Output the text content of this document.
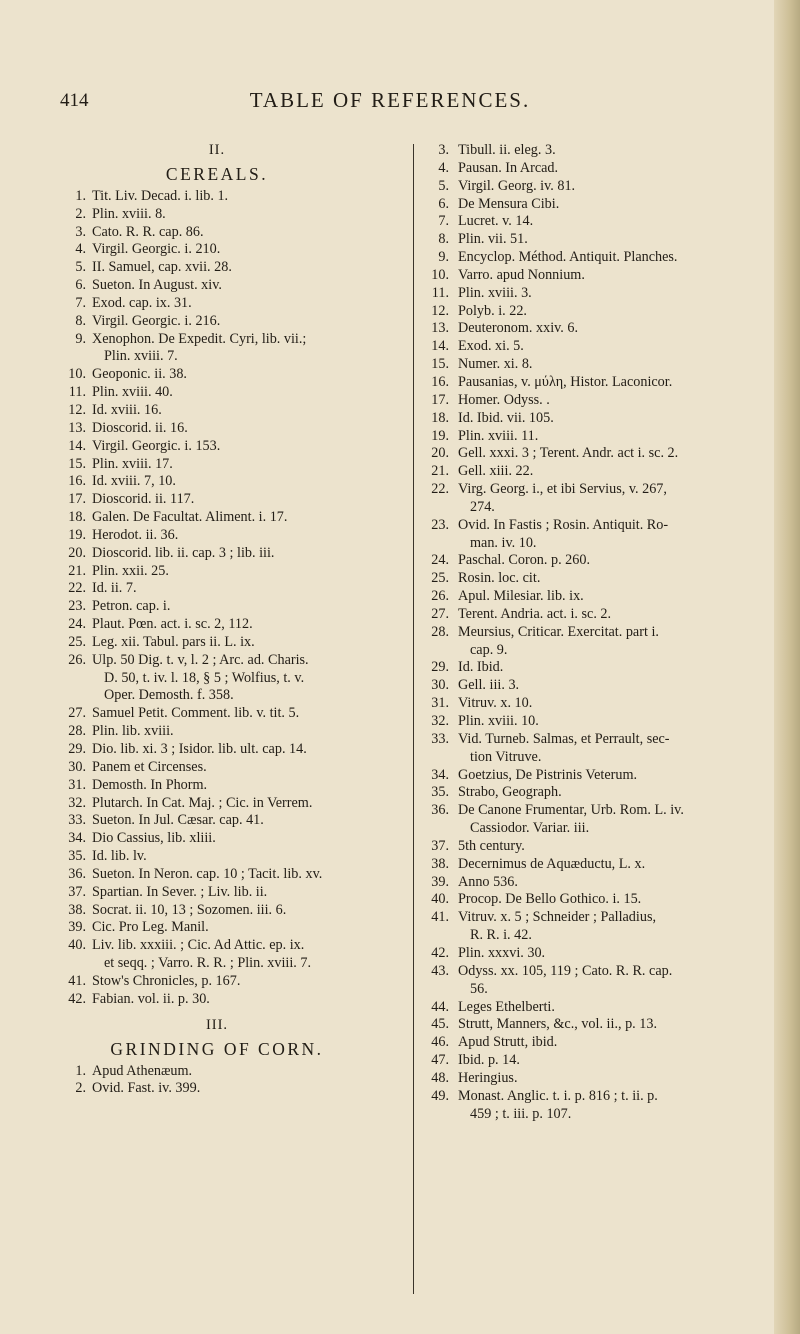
414	TABLE OF REFERENCES.
II.
CEREALS.
1. Tit. Liv. Decad. i. lib. 1.
2. Plin. xviii. 8.
3. Cato. R. R. cap. 86.
4. Virgil. Georgic. i. 210.
5. II. Samuel, cap. xvii. 28.
6. Sueton. In August. xiv.
7. Exod. cap. ix. 31.
8. Virgil. Georgic. i. 216.
9. Xenophon. De Expedit. Cyri, lib. vii.;
Plin. xviii. 7.
10. Geoponic. ii. 38.
11. Plin. xviii. 40.
12. Id. xviii. 16.
13. Dioscorid. ii. 16.
14. Virgil. Georgic. i. 153.
15. Plin. xviii. 17.
16. Id. xviii. 7, 10.
17. Dioscorid. ii. 117.
18. Galen. De Facultat. Aliment. i. 17.
19. Herodot. ii. 36.
20. Dioscorid. lib. ii. cap. 3 ; lib. iii.
21. Plin. xxii. 25.
22. Id. ii. 7.
23. Petron. cap. i.
24. Plaut. Pœn. act. i. sc. 2, 112.
25. Leg. xii. Tabul. pars ii. L. ix.
26. Ulp. 50 Dig. t. v, l. 2 ; Arc. ad. Charis.
D. 50, t. iv. l. 18, § 5 ; Wolfius, t. v.
Oper. Demosth. f. 358.
27. Samuel Petit. Comment. lib. v. tit. 5.
28. Plin. lib. xviii.
29. Dio. lib. xi. 3 ; Isidor. lib. ult. cap. 14.
30. Panem et Circenses.
31. Demosth. In Phorm.
32. Plutarch. In Cat. Maj. ; Cic. in Verrem.
33. Sueton. In Jul. Cæsar. cap. 41.
34. Dio Cassius, lib. xliii.
35. Id. lib. lv.
36. Sueton. In Neron. cap. 10 ; Tacit. lib. xv.
37. Spartian. In Sever. ; Liv. lib. ii.
38. Socrat. ii. 10, 13 ; Sozomen. iii. 6.
39. Cic. Pro Leg. Manil.
40. Liv. lib. xxxiii. ; Cic. Ad Attic. ep. ix.
et seqq. ; Varro. R. R. ; Plin. xviii. 7.
41. Stow's Chronicles, p. 167.
42. Fabian. vol. ii. p. 30.
III.
GRINDING OF CORN.
1. Apud Athenæum.
2. Ovid. Fast. iv. 399.
3. Tibull. ii. eleg. 3.
4. Pausan. In Arcad.
5. Virgil. Georg. iv. 81.
6. De Mensura Cibi.
7. Lucret. v. 14.
8. Plin. vii. 51.
9. Encyclop. Méthod. Antiquit. Planches.
10. Varro. apud Nonnium.
11. Plin. xviii. 3.
12. Polyb. i. 22.
13. Deuteronom. xxiv. 6.
14. Exod. xi. 5.
15. Numer. xi. 8.
16. Pausanias, v. μύλη, Histor. Laconicor.
17. Homer. Odyss. .
18. Id. Ibid. vii. 105.
19. Plin. xviii. 11.
20. Gell. xxxi. 3 ; Terent. Andr. act i. sc. 2.
21. Gell. xiii. 22.
22. Virg. Georg. i., et ibi Servius, v. 267,
274.
23. Ovid. In Fastis ; Rosin. Antiquit. Ro-
man. iv. 10.
24. Paschal. Coron. p. 260.
25. Rosin. loc. cit.
26. Apul. Milesiar. lib. ix.
27. Terent. Andria. act. i. sc. 2.
28. Meursius, Criticar. Exercitat. part i.
cap. 9.
29. Id. Ibid.
30. Gell. iii. 3.
31. Vitruv. x. 10.
32. Plin. xviii. 10.
33. Vid. Turneb. Salmas, et Perrault, sec-
tion Vitruve.
34. Goetzius, De Pistrinis Veterum.
35. Strabo, Geograph.
36. De Canone Frumentar, Urb. Rom. L. iv.
Cassiodor. Variar. iii.
37. 5th century.
38. Decernimus de Aquæductu, L. x.
39. Anno 536.
40. Procop. De Bello Gothico. i. 15.
41. Vitruv. x. 5 ; Schneider ; Palladius,
R. R. i. 42.
42. Plin. xxxvi. 30.
43. Odyss. xx. 105, 119 ; Cato. R. R. cap.
56.
44. Leges Ethelberti.
45. Strutt, Manners, &c., vol. ii., p. 13.
46. Apud Strutt, ibid.
47. Ibid. p. 14.
48. Heringius.
49. Monast. Anglic. t. i. p. 816 ; t. ii. p.
459 ; t. iii. p. 107.
